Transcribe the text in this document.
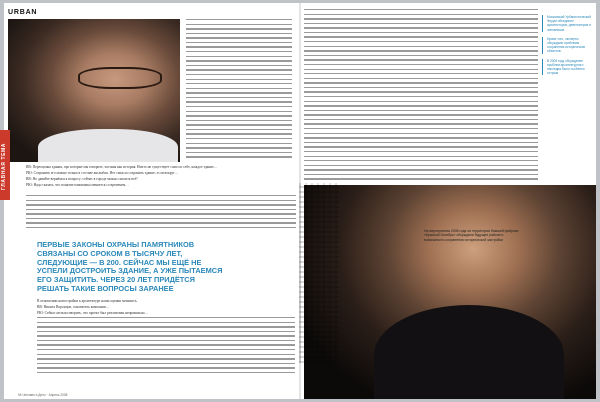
URBAN

ВВ: Переоценка здания, про которые мы говорите, частная как история. Ничто не существует само по себе, каждое здание…

РЮ: Сохранить его можно только в составе ансамбля. Нет смысла сохранять здание, если вокруг…

ВВ: Но давайте вернёмся к вопросу: сейчас в городе можно сносить всё?

РЮ: Надо сказать, что понятие памятника меняется со временем…

ПЕРВЫЕ ЗАКОНЫ ОХРАНЫ ПАМЯТНИКОВ СВЯЗАНЫ СО СРОКОМ В ТЫСЯЧУ ЛЕТ, СЛЕДУЮЩИЕ — В 200. СЕЙЧАС МЫ ЕЩЁ НЕ УСПЕЛИ ДОСТРОИТЬ ЗДАНИЕ, А УЖЕ ПЫТАЕМСЯ ЕГО ЗАЩИТИТЬ. ЧЕРЕЗ 20 ЛЕТ ПРИДЁТСЯ РЕШАТЬ ТАКИЕ ВОПРОСЫ ЗАРАНЕЕ

В отношении новостройки к архитектуре наши оценки менялись.

ВВ: Никита Воронцов, основатель компании…

РЮ: Сейчас нельзя говорить, что проект был реализован неправильно…

94 Человек и Дело · Апрель 2008
Московский Урбанистический Форум объединил архитекторов, девелоперов и чиновников.
Кроме того, эксперты обсуждали проблемы сохранения исторических объектов.
В 2008 году обсуждение проблем архитектурного наследия было особенно острым.
На мероприятии 2008 года на территории бывшей фабрики «Красный Октябрь» обсуждали будущее района и возможность сохранения исторической застройки
ГЛАВНАЯ ТЕМА
